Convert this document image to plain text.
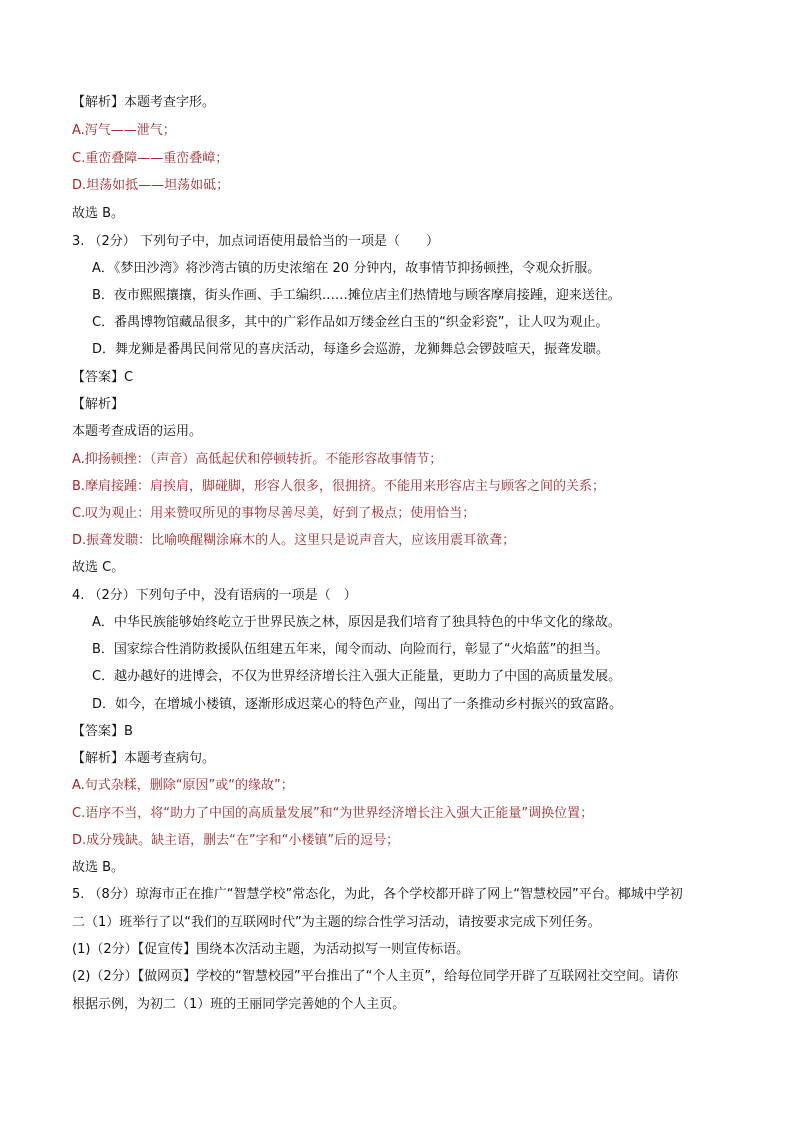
【解析】本题考查字形。
A.泻气——泄气；
C.重峦叠障——重峦叠嶂；
D.坦荡如抵——坦荡如砥；
故选 B。
3. （2分） 下列句子中，加点词语使用最恰当的一项是（　　）
A．《梦田沙湾》将沙湾古镇的历史浓缩在 20 分钟内，故事情节抑扬顿挫，令观众折服。
B．夜市熙熙攘攘，街头作画、手工编织……摊位店主们热情地与顾客摩肩接踵，迎来送往。
C．番禺博物馆藏品很多，其中的广彩作品如万缕金丝白玉的“织金彩瓷”，让人叹为观止。
D．舞龙狮是番禺民间常见的喜庆活动，每逢乡会巡游，龙狮舞总会锣鼓喧天，振聋发聩。
【答案】C
【解析】
本题考查成语的运用。
A.抑扬顿挫：（声音）高低起伏和停顿转折。不能形容故事情节；
B.摩肩接踵：肩挨肩，脚碰脚，形容人很多，很拥挤。不能用来形容店主与顾客之间的关系；
C.叹为观止：用来赞叹所见的事物尽善尽美，好到了极点；使用恰当；
D.振聋发聩：比喻唤醒糊涂麻木的人。这里只是说声音大，应该用震耳欲聋；
故选 C。
4. （2分）下列句子中，没有语病的一项是（　）
A．中华民族能够始终屹立于世界民族之林，原因是我们培育了独具特色的中华文化的缘故。
B．国家综合性消防救援队伍组建五年来，闻令而动、向险而行，彰显了“火焰蓝”的担当。
C．越办越好的进博会，不仅为世界经济增长注入强大正能量，更助力了中国的高质量发展。
D．如今，在增城小楼镇，逐渐形成迟菜心的特色产业，闯出了一条推动乡村振兴的致富路。
【答案】B
【解析】本题考查病句。
A.句式杂糅，删除“原因”或“的缘故”；
C.语序不当，将“助力了中国的高质量发展”和“为世界经济增长注入强大正能量”调换位置；
D.成分残缺。缺主语，删去“在”字和“小楼镇”后的逗号；
故选 B。
5. （8分）琼海市正在推广“智慧学校”常态化，为此，各个学校都开辟了网上“智慧校园”平台。椰城中学初
二（1）班举行了以“我们的互联网时代”为主题的综合性学习活动，请按要求完成下列任务。
(1)（2分）【促宣传】围绕本次活动主题，为活动拟写一则宣传标语。
(2)（2分）【做网页】学校的“智慧校园”平台推出了“个人主页”，给每位同学开辟了互联网社交空间。请你
根据示例，为初二（1）班的王丽同学完善她的个人主页。
